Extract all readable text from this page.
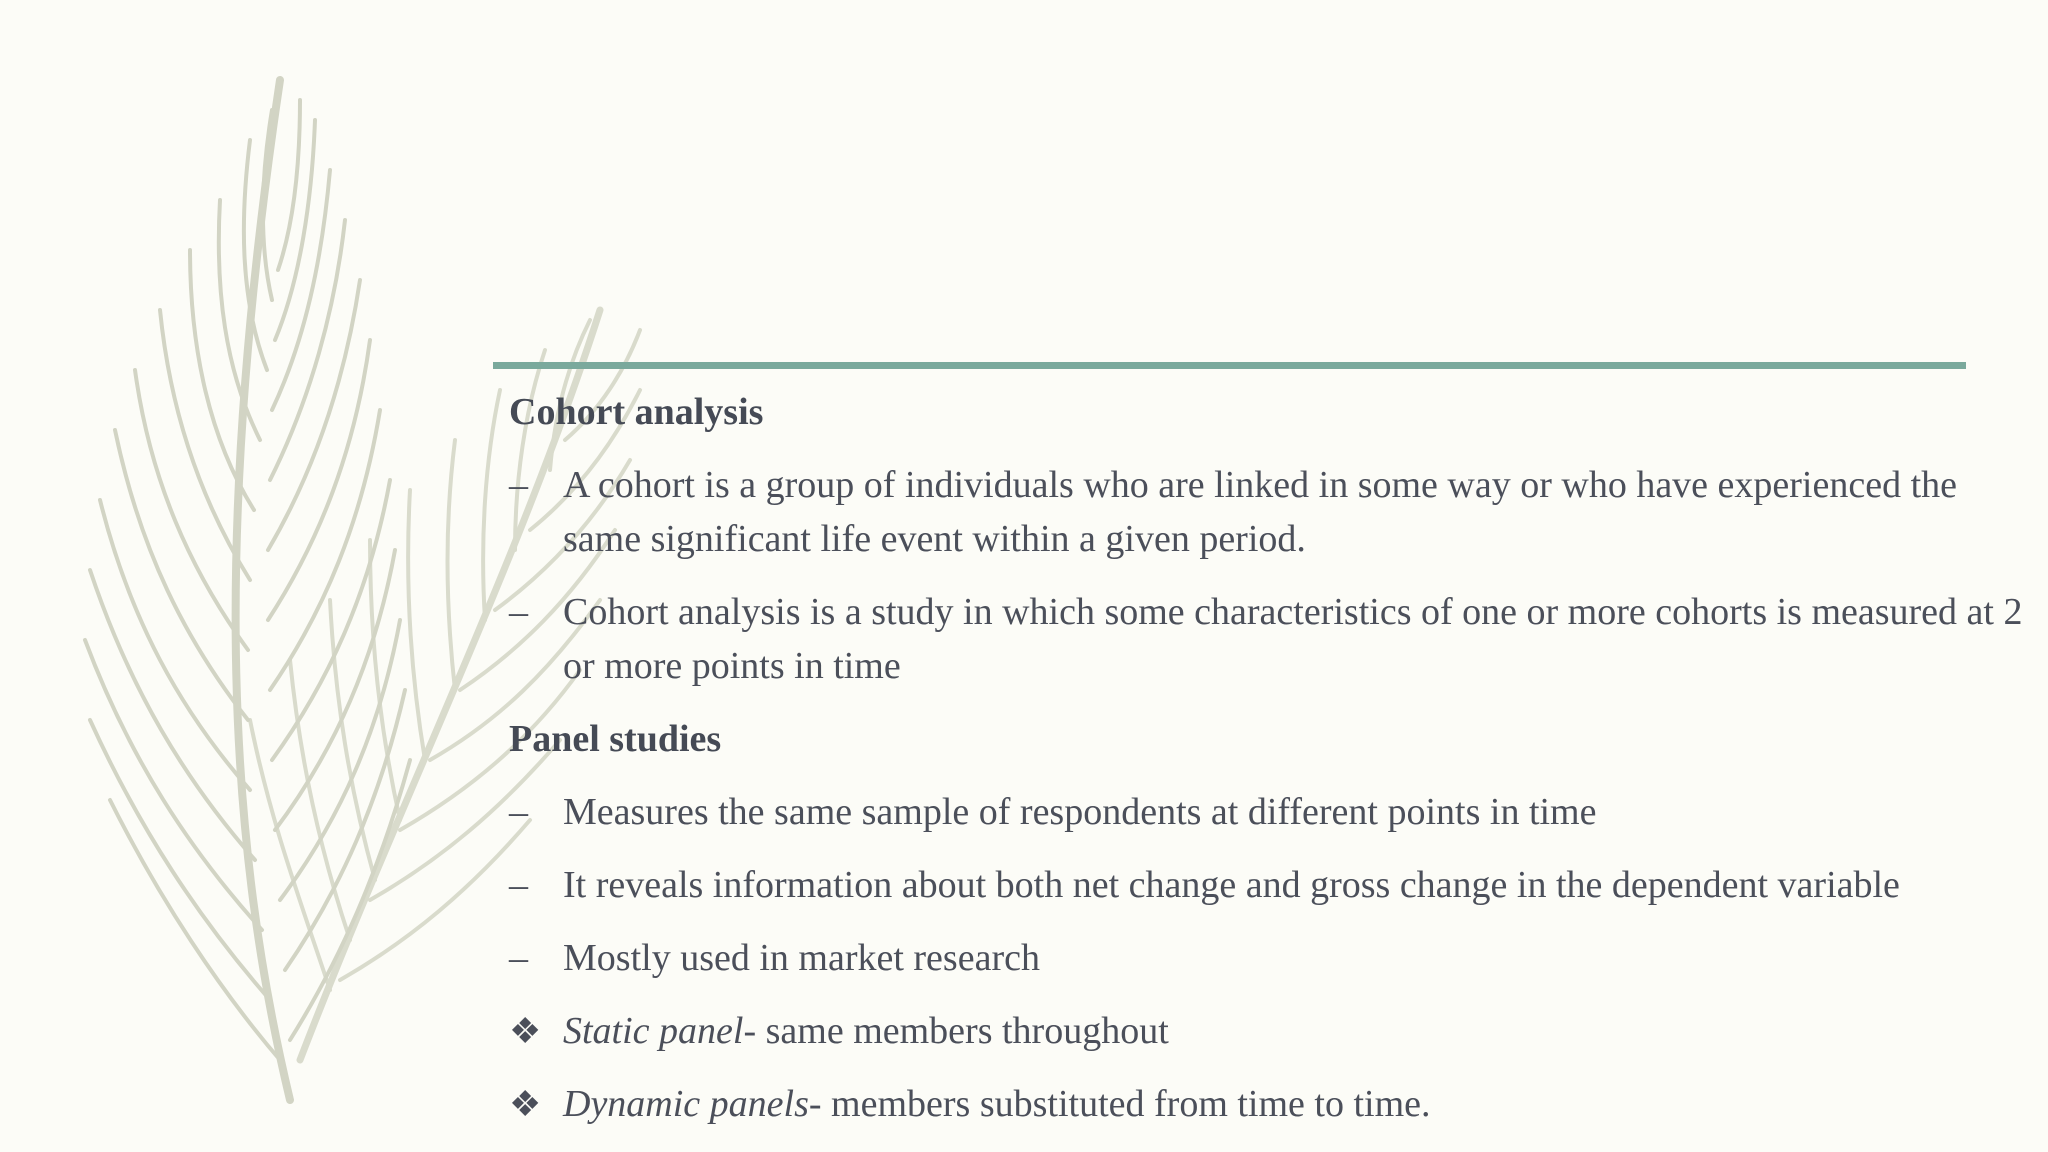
Cohort analysis
– A cohort is a group of individuals who are linked in some way or who have experienced the same significant life event within a given period.
– Cohort analysis is a study in which some characteristics of one or more cohorts is measured at 2 or more points in time
Panel studies
– Measures the same sample of respondents at different points in time
– It reveals information about both net change and gross change in the dependent variable
– Mostly used in market research
❖ Static panel- same members throughout
❖ Dynamic panels- members substituted from time to time.
